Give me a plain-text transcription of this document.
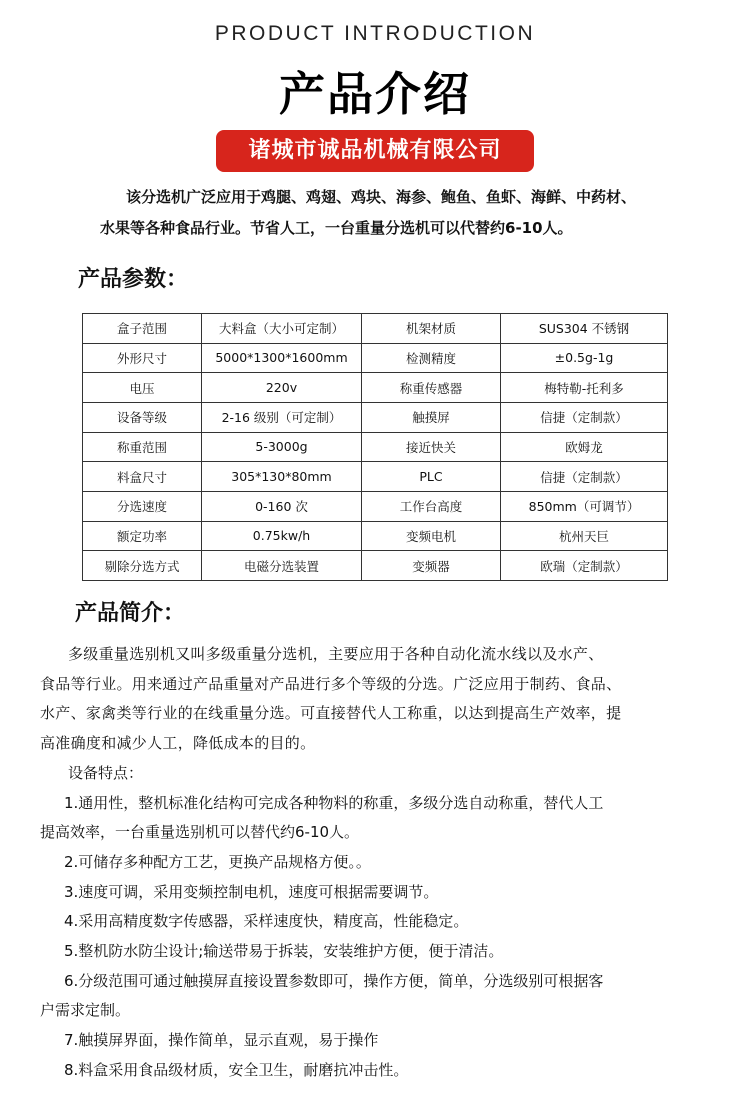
PRODUCT INTRODUCTION
产品介绍
诸城市诚品机械有限公司

该分选机广泛应用于鸡腿、鸡翅、鸡块、海参、鲍鱼、鱼虾、海鲜、中药材、

水果等各种食品行业。节省人工，一台重量分选机可以代替约6-10人。

产品参数：
盒子范围	大料盒（大小可定制）	机架材质	SUS304 不锈钢
外形尺寸	5000*1300*1600mm	检测精度	±0.5g-1g
电压	220v	称重传感器	梅特勒-托利多
设备等级	2-16 级别（可定制）	触摸屏	信捷（定制款）
称重范围	5-3000g	接近快关	欧姆龙
料盒尺寸	305*130*80mm	PLC	信捷（定制款）
分选速度	0-160 次	工作台高度	850mm（可调节）
额定功率	0.75kw/h	变频电机	杭州天巨
剔除分选方式	电磁分选装置	变频器	欧瑞（定制款）
产品简介：

多级重量选别机又叫多级重量分选机，主要应用于各种自动化流水线以及水产、

食品等行业。用来通过产品重量对产品进行多个等级的分选。广泛应用于制药、食品、

水产、家禽类等行业的在线重量分选。可直接替代人工称重，以达到提高生产效率，提

高准确度和减少人工，降低成本的目的。

设备特点：

1.通用性，整机标准化结构可完成各种物料的称重，多级分选自动称重，替代人工

提高效率，一台重量选别机可以替代约6-10人。

2.可储存多种配方工艺，更换产品规格方便。。

3.速度可调，采用变频控制电机，速度可根据需要调节。

4.采用高精度数字传感器，采样速度快，精度高，性能稳定。

5.整机防水防尘设计;输送带易于拆装，安装维护方便，便于清洁。

6.分级范围可通过触摸屏直接设置参数即可，操作方便，简单，分选级别可根据客

户需求定制。

7.触摸屏界面，操作简单，显示直观，易于操作

8.料盒采用食品级材质，安全卫生，耐磨抗冲击性。
